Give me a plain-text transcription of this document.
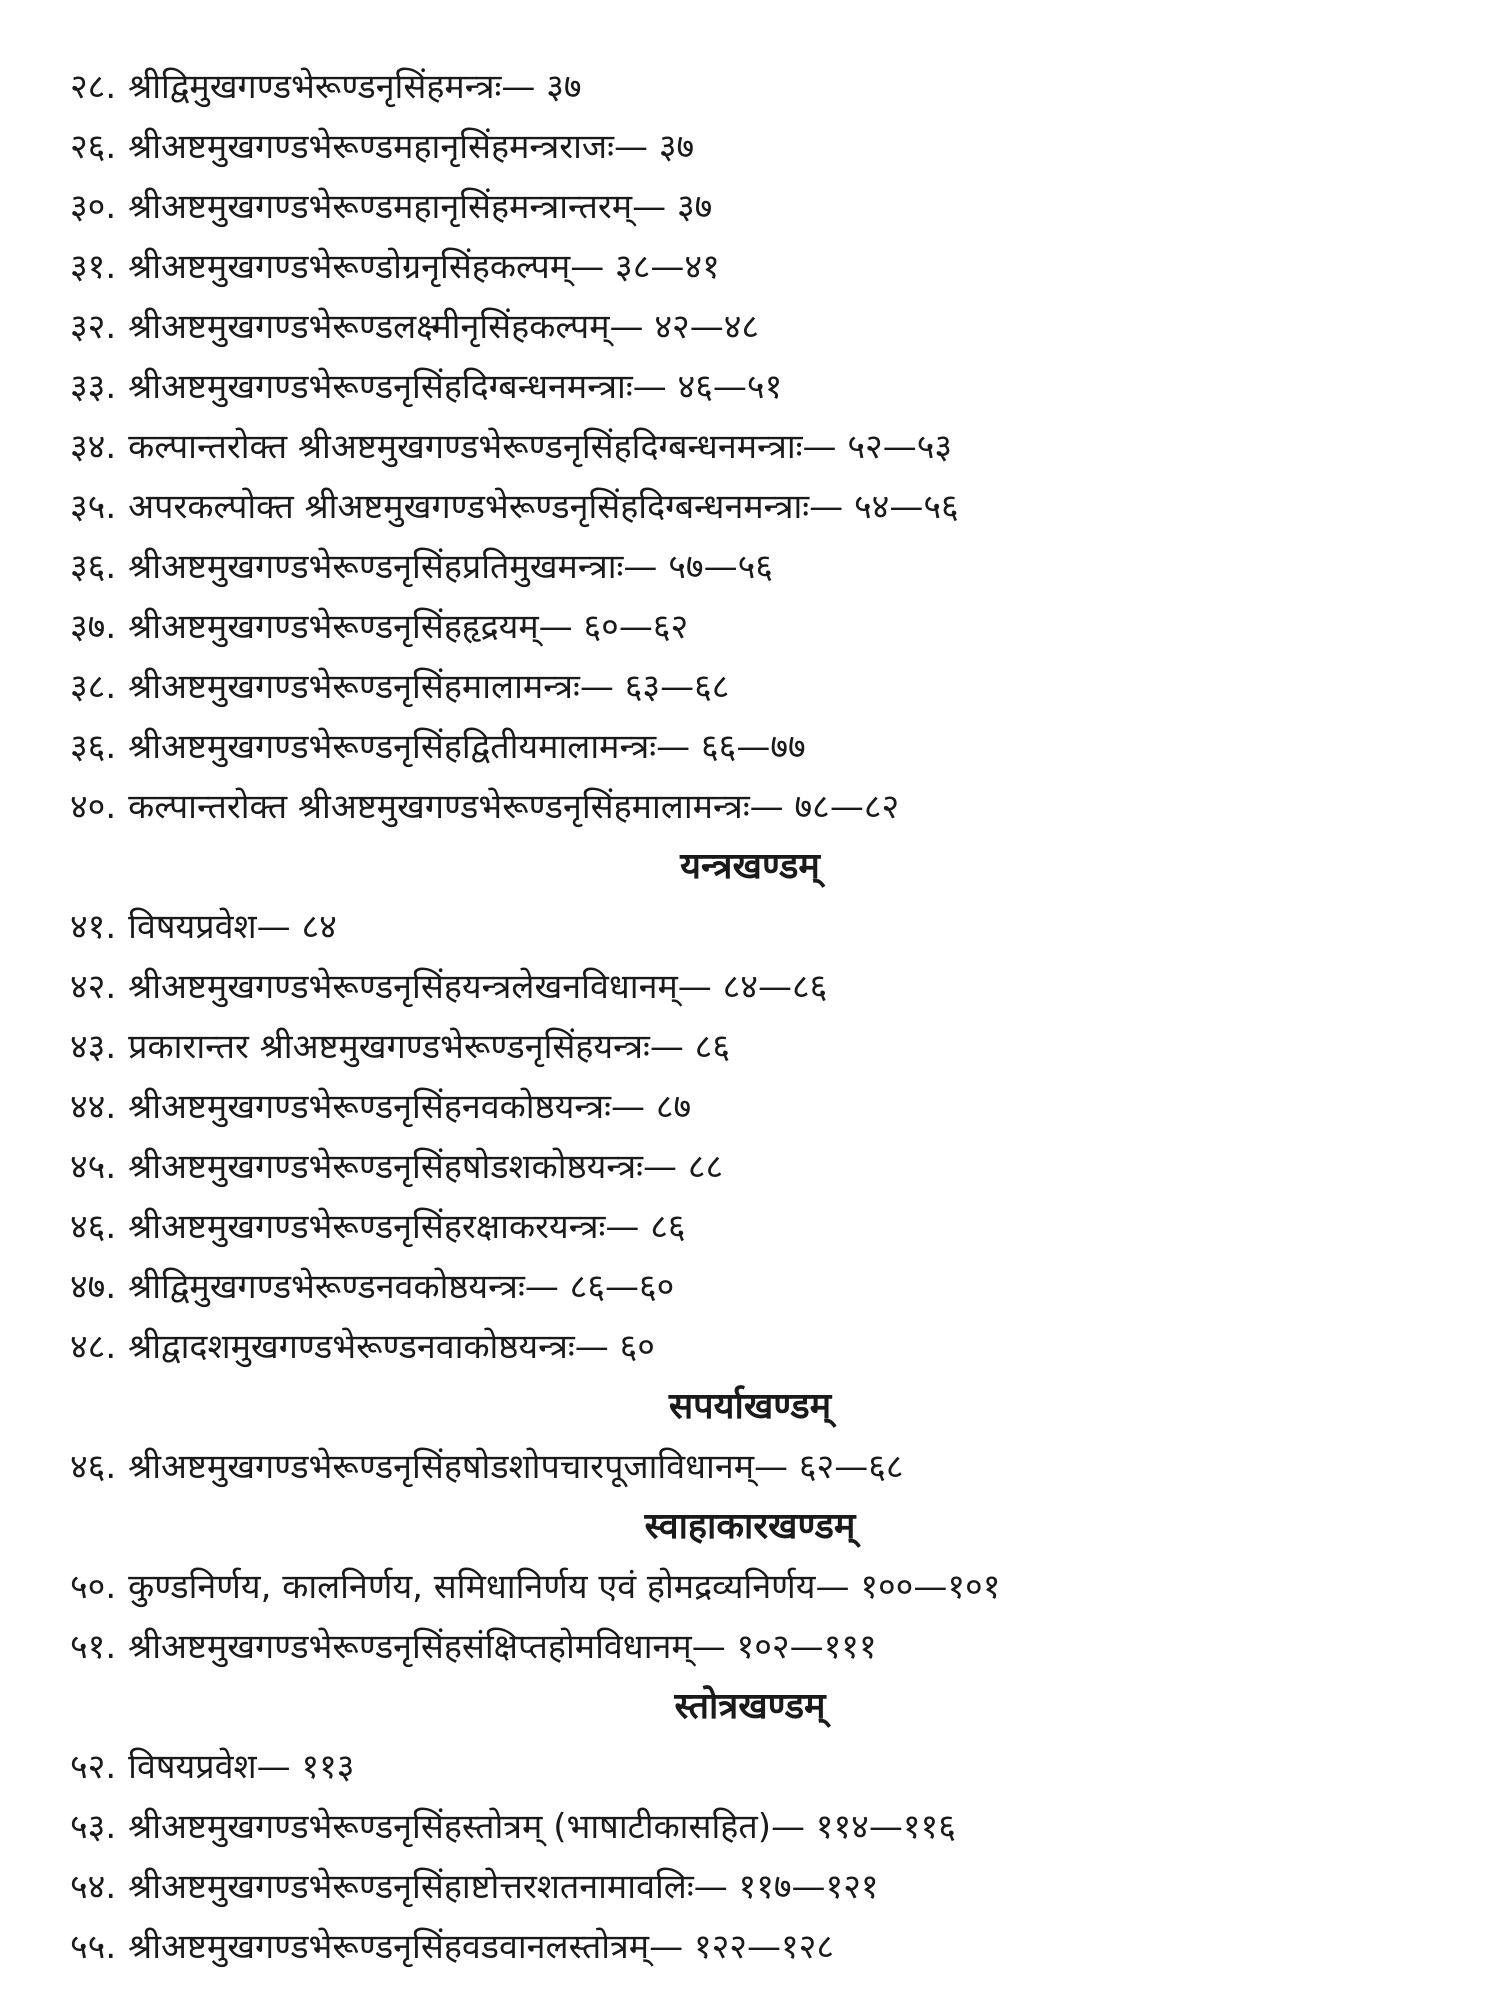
२८. श्रीद्विमुखगण्डभेरूण्डनृसिंहमन्त्रः— ३७
२६. श्रीअष्टमुखगण्डभेरूण्डमहानृसिंहमन्त्रराजः— ३७
३०. श्रीअष्टमुखगण्डभेरूण्डमहानृसिंहमन्त्रान्तरम्— ३७
३१. श्रीअष्टमुखगण्डभेरूण्डोग्रनृसिंहकल्पम्— ३८—४१
३२. श्रीअष्टमुखगण्डभेरूण्डलक्ष्मीनृसिंहकल्पम्— ४२—४८
३३. श्रीअष्टमुखगण्डभेरूण्डनृसिंहदिग्बन्धनमन्त्राः— ४६—५१
३४. कल्पान्तरोक्त श्रीअष्टमुखगण्डभेरूण्डनृसिंहदिग्बन्धनमन्त्राः— ५२—५३
३५. अपरकल्पोक्त श्रीअष्टमुखगण्डभेरूण्डनृसिंहदिग्बन्धनमन्त्राः— ५४—५६
३६. श्रीअष्टमुखगण्डभेरूण्डनृसिंहप्रतिमुखमन्त्राः— ५७—५६
३७. श्रीअष्टमुखगण्डभेरूण्डनृसिंहहृद्रयम्— ६०—६२
३८. श्रीअष्टमुखगण्डभेरूण्डनृसिंहमालामन्त्रः— ६३—६८
३६. श्रीअष्टमुखगण्डभेरूण्डनृसिंहद्वितीयमालामन्त्रः— ६६—७७
४०. कल्पान्तरोक्त श्रीअष्टमुखगण्डभेरूण्डनृसिंहमालामन्त्रः— ७८—८२
यन्त्रखण्डम्
४१. विषयप्रवेश— ८४
४२. श्रीअष्टमुखगण्डभेरूण्डनृसिंहयन्त्रलेखनविधानम्— ८४—८६
४३. प्रकारान्तर श्रीअष्टमुखगण्डभेरूण्डनृसिंहयन्त्रः— ८६
४४. श्रीअष्टमुखगण्डभेरूण्डनृसिंहनवकोष्ठयन्त्रः— ८७
४५. श्रीअष्टमुखगण्डभेरूण्डनृसिंहषोडशकोष्ठयन्त्रः— ८८
४६. श्रीअष्टमुखगण्डभेरूण्डनृसिंहरक्षाकरयन्त्रः— ८६
४७. श्रीद्विमुखगण्डभेरूण्डनवकोष्ठयन्त्रः— ८६—६०
४८. श्रीद्वादशमुखगण्डभेरूण्डनवाकोष्ठयन्त्रः— ६०
सपर्याखण्डम्
४६. श्रीअष्टमुखगण्डभेरूण्डनृसिंहषोडशोपचारपूजाविधानम्— ६२—६८
स्वाहाकारखण्डम्
५०. कुण्डनिर्णय, कालनिर्णय, समिधानिर्णय एवं होमद्रव्यनिर्णय— १००—१०१
५१. श्रीअष्टमुखगण्डभेरूण्डनृसिंहसंक्षिप्तहोमविधानम्— १०२—१११
स्तोत्रखण्डम्
५२. विषयप्रवेश— ११३
५३. श्रीअष्टमुखगण्डभेरूण्डनृसिंहस्तोत्रम् (भाषाटीकासहित)— ११४—११६
५४. श्रीअष्टमुखगण्डभेरूण्डनृसिंहाष्टोत्तरशतनामावलिः— ११७—१२१
५५. श्रीअष्टमुखगण्डभेरूण्डनृसिंहवडवानलस्तोत्रम्— १२२—१२८
